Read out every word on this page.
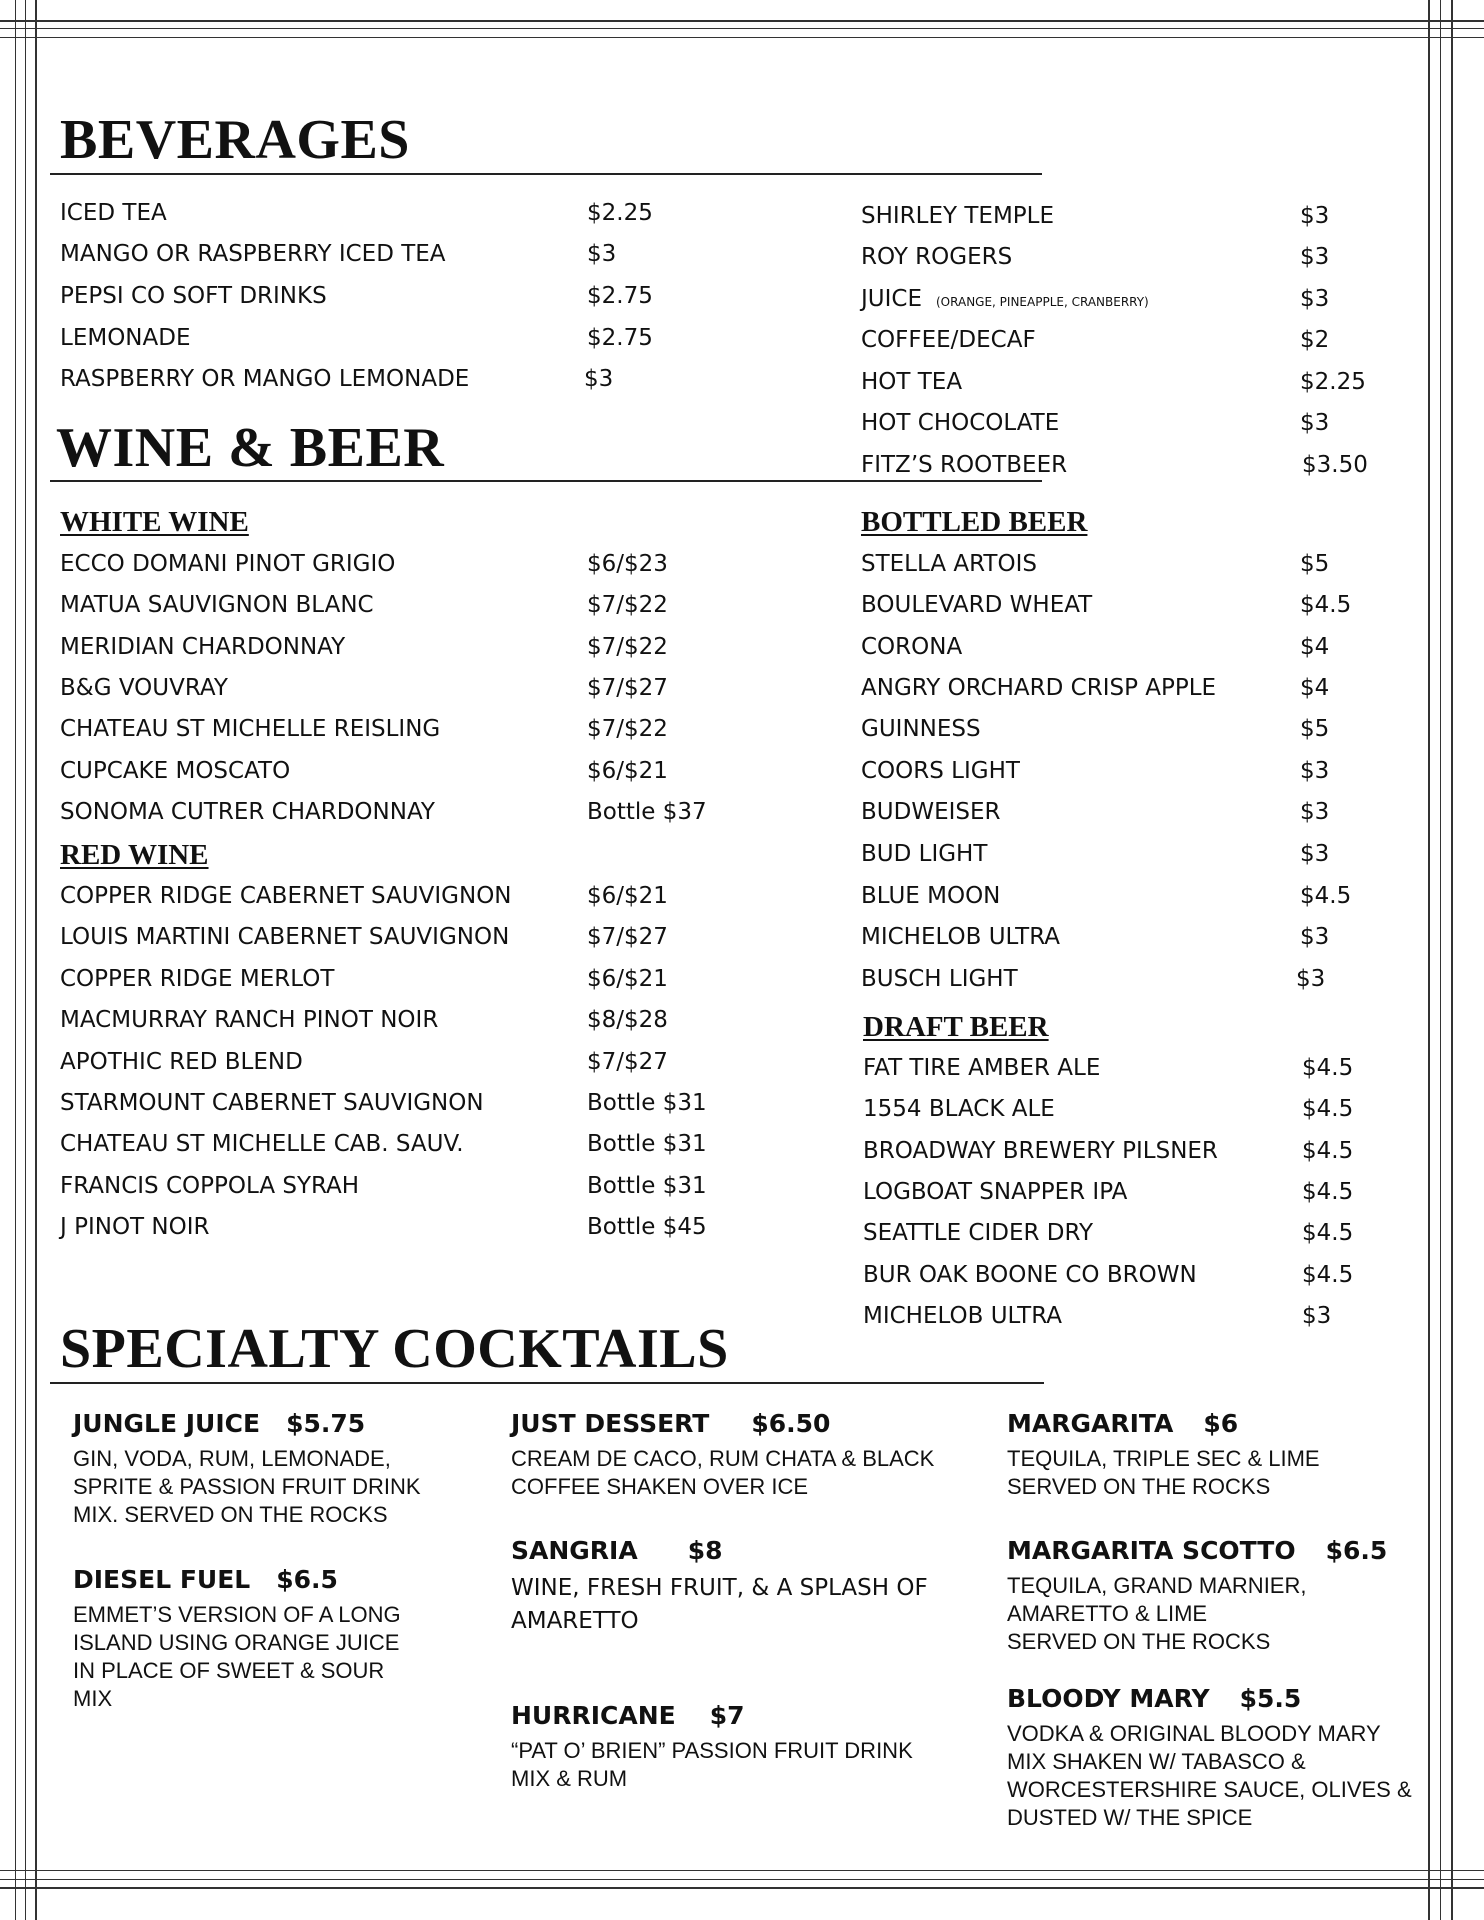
BEVERAGES
ICED TEA	$2.25
MANGO OR RASPBERRY ICED TEA	$3
PEPSI CO SOFT DRINKS	$2.75
LEMONADE	$2.75
RASPBERRY OR MANGO LEMONADE	$3
SHIRLEY TEMPLE	$3
ROY ROGERS	$3
JUICE (ORANGE, PINEAPPLE, CRANBERRY)	$3
COFFEE/DECAF	$2
HOT TEA	$2.25
HOT CHOCOLATE	$3
FITZ’S ROOTBEER	$3.50
WINE & BEER
WHITE WINE
ECCO DOMANI PINOT GRIGIO	$6/$23
MATUA SAUVIGNON BLANC	$7/$22
MERIDIAN CHARDONNAY	$7/$22
B&G VOUVRAY	$7/$27
CHATEAU ST MICHELLE REISLING	$7/$22
CUPCAKE MOSCATO	$6/$21
SONOMA CUTRER CHARDONNAY	Bottle $37
RED WINE
COPPER RIDGE CABERNET SAUVIGNON	$6/$21
LOUIS MARTINI CABERNET SAUVIGNON	$7/$27
COPPER RIDGE MERLOT	$6/$21
MACMURRAY RANCH PINOT NOIR	$8/$28
APOTHIC RED BLEND	$7/$27
STARMOUNT CABERNET SAUVIGNON	Bottle $31
CHATEAU ST MICHELLE CAB. SAUV.	Bottle $31
FRANCIS COPPOLA SYRAH	Bottle $31
J PINOT NOIR	Bottle $45
BOTTLED BEER
STELLA ARTOIS	$5
BOULEVARD WHEAT	$4.5
CORONA	$4
ANGRY ORCHARD CRISP APPLE	$4
GUINNESS	$5
COORS LIGHT	$3
BUDWEISER	$3
BUD LIGHT	$3
BLUE MOON	$4.5
MICHELOB ULTRA	$3
BUSCH LIGHT	$3
DRAFT BEER
FAT TIRE AMBER ALE	$4.5
1554 BLACK ALE	$4.5
BROADWAY BREWERY PILSNER	$4.5
LOGBOAT SNAPPER IPA	$4.5
SEATTLE CIDER DRY	$4.5
BUR OAK BOONE CO BROWN	$4.5
MICHELOB ULTRA	$3
SPECIALTY COCKTAILS
JUNGLE JUICE $5.75
GIN, VODA, RUM, LEMONADE,
SPRITE & PASSION FRUIT DRINK
MIX. SERVED ON THE ROCKS
DIESEL FUEL $6.5
EMMET’S VERSION OF A LONG
ISLAND USING ORANGE JUICE
IN PLACE OF SWEET & SOUR
MIX
JUST DESSERT $6.50
CREAM DE CACO, RUM CHATA & BLACK
COFFEE SHAKEN OVER ICE
SANGRIA $8
WINE, FRESH FRUIT, & A SPLASH OF
AMARETTO
HURRICANE $7
“PAT O’ BRIEN” PASSION FRUIT DRINK
MIX & RUM
MARGARITA $6
TEQUILA, TRIPLE SEC & LIME
SERVED ON THE ROCKS
MARGARITA SCOTTO $6.5
TEQUILA, GRAND MARNIER,
AMARETTO & LIME
SERVED ON THE ROCKS
BLOODY MARY $5.5
VODKA & ORIGINAL BLOODY MARY
MIX SHAKEN W/ TABASCO &
WORCESTERSHIRE SAUCE, OLIVES &
DUSTED W/ THE SPICE
